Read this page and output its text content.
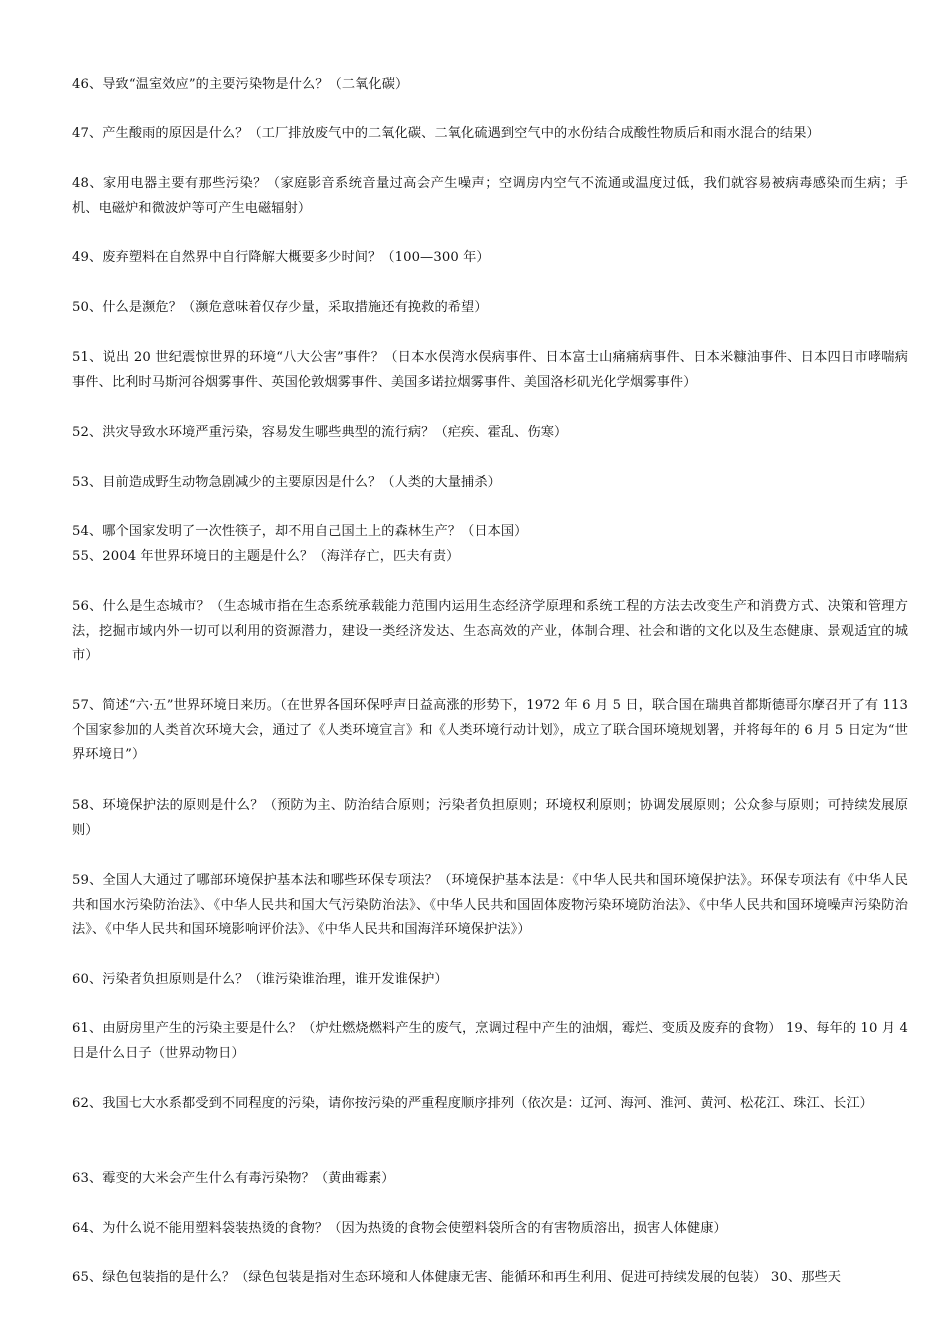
46、导致“温室效应”的主要污染物是什么？（二氧化碳）

47、产生酸雨的原因是什么？（工厂排放废气中的二氧化碳、二氧化硫遇到空气中的水份结合成酸性物质后和雨水混合的结果）

48、家用电器主要有那些污染？（家庭影音系统音量过高会产生噪声；空调房内空气不流通或温度过低，我们就容易被病毒感染而生病；手机、电磁炉和微波炉等可产生电磁辐射）

49、废弃塑料在自然界中自行降解大概要多少时间？（100—300 年）

50、什么是濒危？（濒危意味着仅存少量，采取措施还有挽救的希望）

51、说出 20 世纪震惊世界的环境“八大公害”事件？（日本水俣湾水俣病事件、日本富士山痛痛病事件、日本米糠油事件、日本四日市哮喘病事件、比利时马斯河谷烟雾事件、英国伦敦烟雾事件、美国多诺拉烟雾事件、美国洛杉矶光化学烟雾事件）

52、洪灾导致水环境严重污染，容易发生哪些典型的流行病？（疟疾、霍乱、伤寒）

53、目前造成野生动物急剧减少的主要原因是什么？（人类的大量捕杀）

54、哪个国家发明了一次性筷子，却不用自己国土上的森林生产？（日本国）

55、2004 年世界环境日的主题是什么？（海洋存亡，匹夫有责）

56、什么是生态城市？（生态城市指在生态系统承载能力范围内运用生态经济学原理和系统工程的方法去改变生产和消费方式、决策和管理方法，挖掘市域内外一切可以利用的资源潜力，建设一类经济发达、生态高效的产业，体制合理、社会和谐的文化以及生态健康、景观适宜的城市）

57、简述“六·五”世界环境日来历。（在世界各国环保呼声日益高涨的形势下，1972 年 6 月 5 日，联合国在瑞典首都斯德哥尔摩召开了有 113 个国家参加的人类首次环境大会，通过了《人类环境宣言》和《人类环境行动计划》，成立了联合国环境规划署，并将每年的 6 月 5 日定为“世界环境日”）

58、环境保护法的原则是什么？（预防为主、防治结合原则；污染者负担原则；环境权利原则；协调发展原则；公众参与原则；可持续发展原则）

59、全国人大通过了哪部环境保护基本法和哪些环保专项法？（环境保护基本法是：《中华人民共和国环境保护法》。环保专项法有《中华人民共和国水污染防治法》、《中华人民共和国大气污染防治法》、《中华人民共和国固体废物污染环境防治法》、《中华人民共和国环境噪声污染防治法》、《中华人民共和国环境影响评价法》、《中华人民共和国海洋环境保护法》）

60、污染者负担原则是什么？（谁污染谁治理，谁开发谁保护）

61、由厨房里产生的污染主要是什么？（炉灶燃烧燃料产生的废气，烹调过程中产生的油烟，霉烂、变质及废弃的食物） 19、每年的 10 月 4 日是什么日子（世界动物日）

62、我国七大水系都受到不同程度的污染，请你按污染的严重程度顺序排列（依次是：辽河、海河、淮河、黄河、松花江、珠江、长江）

63、霉变的大米会产生什么有毒污染物？（黄曲霉素）

64、为什么说不能用塑料袋装热烫的食物？（因为热烫的食物会使塑料袋所含的有害物质溶出，损害人体健康）

65、绿色包装指的是什么？（绿色包装是指对生态环境和人体健康无害、能循环和再生利用、促进可持续发展的包装） 30、那些天
